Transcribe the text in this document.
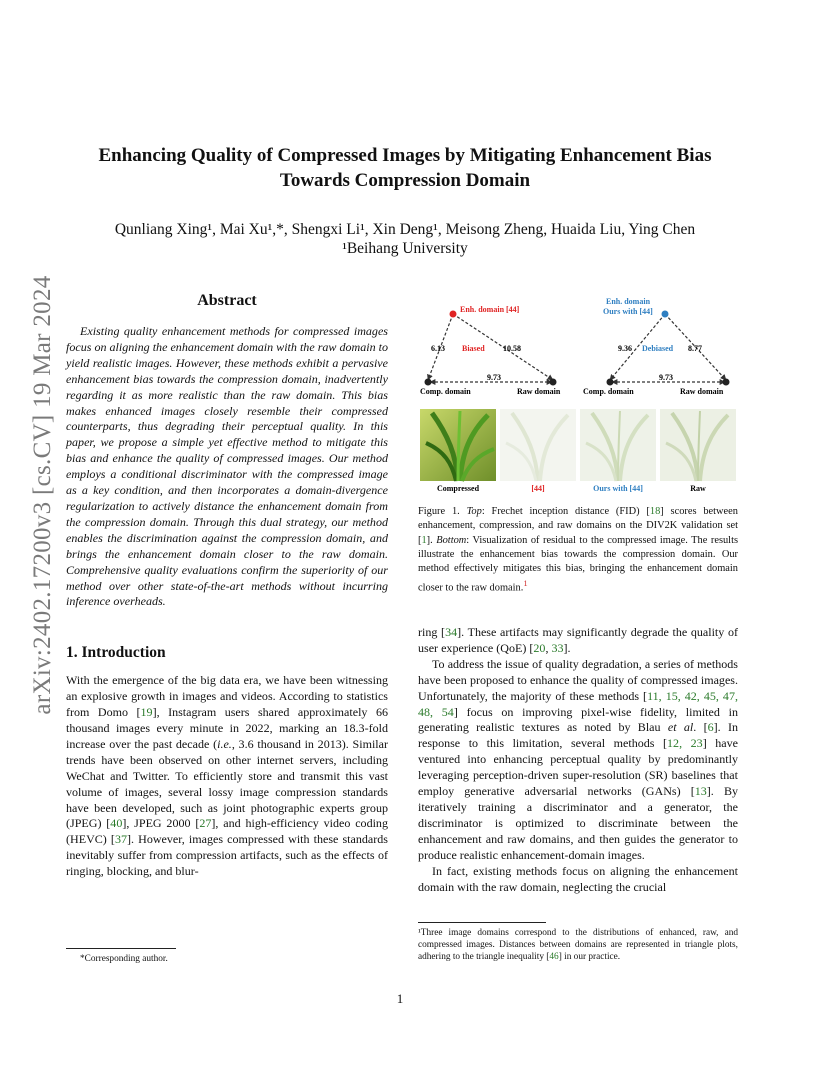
arXiv:2402.17200v3 [cs.CV] 19 Mar 2024
Enhancing Quality of Compressed Images by Mitigating Enhancement Bias
Towards Compression Domain
Qunliang Xing¹, Mai Xu¹,*, Shengxi Li¹, Xin Deng¹, Meisong Zheng, Huaida Liu, Ying Chen
¹Beihang University
Abstract

Existing quality enhancement methods for compressed images focus on aligning the enhancement domain with the raw domain to yield realistic images. However, these methods exhibit a pervasive enhancement bias towards the compression domain, inadvertently regarding it as more realistic than the raw domain. This bias makes enhanced images closely resemble their compressed counterparts, thus degrading their perceptual quality. In this paper, we propose a simple yet effective method to mitigate this bias and enhance the quality of compressed images. Our method employs a conditional discriminator with the compressed image as a key condition, and then incorporates a domain-divergence regularization to actively distance the enhancement domain from the compression domain. Through this dual strategy, our method enables the discrimination against the compression domain, and brings the enhancement domain closer to the raw domain. Comprehensive quality evaluations confirm the superiority of our method over other state-of-the-art methods without incurring inference overheads.

1. Introduction

With the emergence of the big data era, we have been witnessing an explosive growth in images and videos. According to statistics from Domo [19], Instagram users shared approximately 66 thousand images every minute in 2022, marking an 18.3-fold increase over the past decade (i.e., 3.6 thousand in 2013). Similar trends have been observed on other internet servers, including WeChat and Twitter. To efficiently store and transmit this vast volume of images, several lossy image compression standards have been developed, such as joint photographic experts group (JPEG) [40], JPEG 2000 [27], and high-efficiency video coding (HEVC) [37]. However, images compressed with these standards inevitably suffer from compression artifacts, such as the effects of ringing, blocking, and blur-

*Corresponding author.
Enh. domain [44]
6.13	10.58
Biased
9.73
Comp. domain	Raw domain
Enh. domain
Ours with [44]
9.36	8.77
Debiased
9.73
Comp. domain	Raw domain
Compressed	[44]	Ours with [44]	Raw
Figure 1. Top: Frechet inception distance (FID) [18] scores between enhancement, compression, and raw domains on the DIV2K validation set [1]. Bottom: Visualization of residual to the compressed image. The results illustrate the enhancement bias towards the compression domain. Our method effectively mitigates this bias, bringing the enhancement domain closer to the raw domain.$^1$

ring [34]. These artifacts may significantly degrade the quality of user experience (QoE) [20, 33].

To address the issue of quality degradation, a series of methods have been proposed to enhance the quality of compressed images. Unfortunately, the majority of these methods [11, 15, 42, 45, 47, 48, 54] focus on improving pixel-wise fidelity, limited in generating realistic textures as noted by Blau et al. [6]. In response to this limitation, several methods [12, 23] have ventured into enhancing perceptual quality by predominantly leveraging perception-driven super-resolution (SR) baselines that employ generative adversarial networks (GANs) [13]. By iteratively training a discriminator and a generator, the discriminator is optimized to discriminate between the enhancement and raw domains, and then guides the generator to produce realistic enhancement-domain images.

In fact, existing methods focus on aligning the enhancement domain with the raw domain, neglecting the crucial

¹Three image domains correspond to the distributions of enhanced, raw, and compressed images. Distances between domains are represented in triangle plots, adhering to the triangle inequality [46] in our practice.
1
